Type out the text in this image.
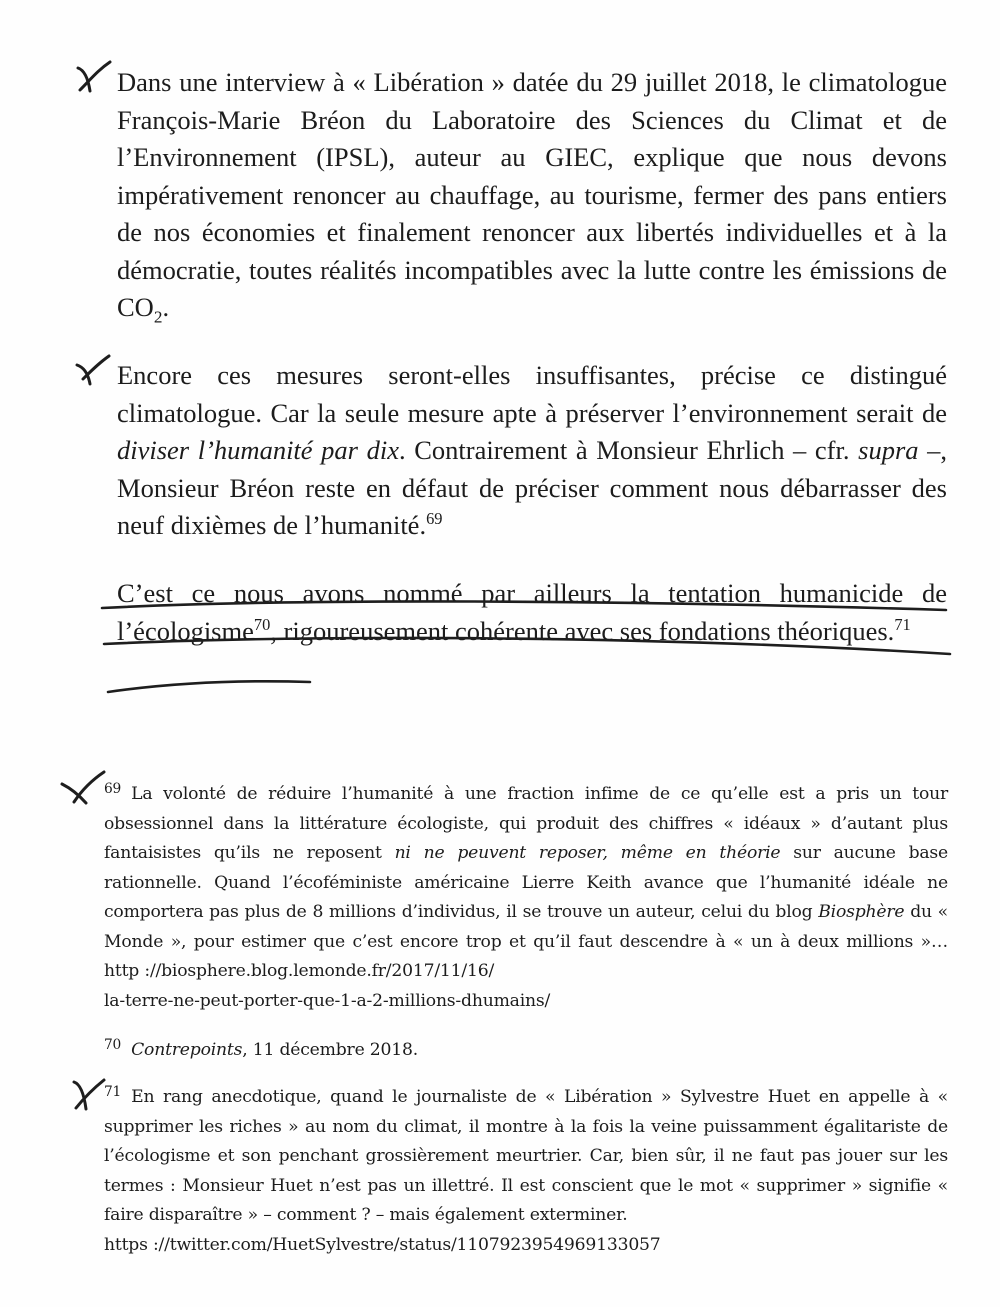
Dans une interview à « Libération » datée du 29 juillet 2018, le climatologue François-Marie Bréon du Laboratoire des Sciences du Climat et de l’Environnement (IPSL), auteur au GIEC, explique que nous devons impérativement renoncer au chauffage, au tourisme, fermer des pans entiers de nos économies et finalement renoncer aux libertés individuelles et à la démocratie, toutes réalités incompatibles avec la lutte contre les émissions de $CO_2$.

Encore ces mesures seront-elles insuffisantes, précise ce distingué climatologue. Car la seule mesure apte à préserver l’environnement serait de diviser l’humanité par dix. Contrairement à Monsieur Ehrlich – cfr. supra –, Monsieur Bréon reste en défaut de préciser comment nous débarrasser des neuf dixièmes de l’humanité.$^{69}$

C’est ce nous avons nommé par ailleurs la tentation humanicide de l’écologisme$^{70}$, rigoureusement cohérente avec ses fondations théoriques.$^{71}$

$^{69}$ La volonté de réduire l’humanité à une fraction infime de ce qu’elle est a pris un tour obsessionnel dans la littérature écologiste, qui produit des chiffres « idéaux » d’autant plus fantaisistes qu’ils ne reposent ni ne peuvent reposer, même en théorie sur aucune base rationnelle. Quand l’écoféministe américaine Lierre Keith avance que l’humanité idéale ne comportera pas plus de 8 millions d’individus, il se trouve un auteur, celui du blog Biosphère du « Monde », pour estimer que c’est encore trop et qu’il faut descendre à « un à deux millions »… http ://biosphere.blog.lemonde.fr/2017/11/16/
la-terre-ne-peut-porter-que-1-a-2-millions-dhumains/

$^{70}$ Contrepoints, 11 décembre 2018.

$^{71}$ En rang anecdotique, quand le journaliste de « Libération » Sylvestre Huet en appelle à « supprimer les riches » au nom du climat, il montre à la fois la veine puissamment égalitariste de l’écologisme et son penchant grossièrement meurtrier. Car, bien sûr, il ne faut pas jouer sur les termes : Monsieur Huet n’est pas un illettré. Il est conscient que le mot « supprimer » signifie « faire disparaître » – comment ? – mais également exterminer.
https ://twitter.com/HuetSylvestre/status/1107923954969133057
